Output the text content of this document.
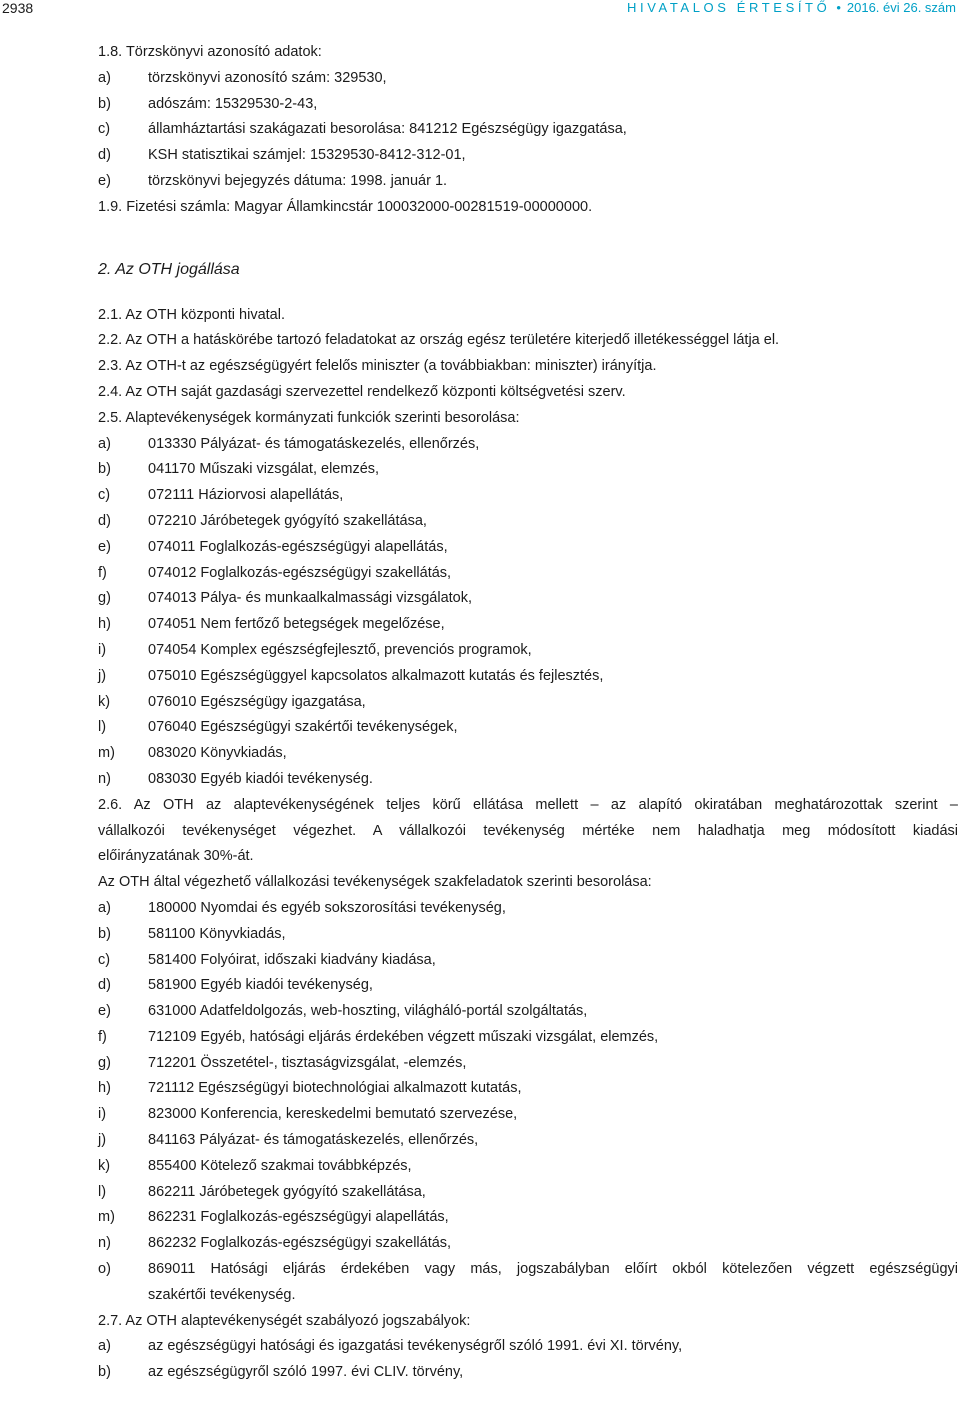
2938	HIVATALOS ÉRTESÍTŐ • 2016. évi 26. szám
1.8. Törzskönyvi azonosító adatok:
a)	törzskönyvi azonosító szám: 329530,
b)	adószám: 15329530-2-43,
c)	államháztartási szakágazati besorolása: 841212 Egészségügy igazgatása,
d)	KSH statisztikai számjel: 15329530-8412-312-01,
e)	törzskönyvi bejegyzés dátuma: 1998. január 1.
1.9. Fizetési számla: Magyar Államkincstár 100032000-00281519-00000000.
2. Az OTH jogállása
2.1. Az OTH központi hivatal.
2.2. Az OTH a hatáskörébe tartozó feladatokat az ország egész területére kiterjedő illetékességgel látja el.
2.3. Az OTH-t az egészségügyért felelős miniszter (a továbbiakban: miniszter) irányítja.
2.4. Az OTH saját gazdasági szervezettel rendelkező központi költségvetési szerv.
2.5. Alaptevékenységek kormányzati funkciók szerinti besorolása:
a)	013330 Pályázat- és támogatáskezelés, ellenőrzés,
b)	041170 Műszaki vizsgálat, elemzés,
c)	072111 Háziorvosi alapellátás,
d)	072210 Járóbetegek gyógyító szakellátása,
e)	074011 Foglalkozás-egészségügyi alapellátás,
f)	074012 Foglalkozás-egészségügyi szakellátás,
g)	074013 Pálya- és munkaalkalmassági vizsgálatok,
h)	074051 Nem fertőző betegségek megelőzése,
i)	074054 Komplex egészségfejlesztő, prevenciós programok,
j)	075010 Egészségüggyel kapcsolatos alkalmazott kutatás és fejlesztés,
k)	076010 Egészségügy igazgatása,
l)	076040 Egészségügyi szakértői tevékenységek,
m) 083020 Könyvkiadás,
n)	083030 Egyéb kiadói tevékenység.
2.6. Az OTH az alaptevékenységének teljes körű ellátása mellett – az alapító okiratában meghatározottak szerint –
vállalkozói tevékenységet végezhet. A vállalkozói tevékenység mértéke nem haladhatja meg módosított kiadási
előirányzatának 30%-át.
Az OTH által végezhető vállalkozási tevékenységek szakfeladatok szerinti besorolása:
a)	180000 Nyomdai és egyéb sokszorosítási tevékenység,
b)	581100 Könyvkiadás,
c)	581400 Folyóirat, időszaki kiadvány kiadása,
d)	581900 Egyéb kiadói tevékenység,
e)	631000 Adatfeldolgozás, web-hoszting, világháló-portál szolgáltatás,
f)	712109 Egyéb, hatósági eljárás érdekében végzett műszaki vizsgálat, elemzés,
g)	712201 Összetétel-, tisztaságvizsgálat, -elemzés,
h)	721112 Egészségügyi biotechnológiai alkalmazott kutatás,
i)	823000 Konferencia, kereskedelmi bemutató szervezése,
j)	841163 Pályázat- és támogatáskezelés, ellenőrzés,
k)	855400 Kötelező szakmai továbbképzés,
l)	862211 Járóbetegek gyógyító szakellátása,
m) 862231 Foglalkozás-egészségügyi alapellátás,
n)	862232 Foglalkozás-egészségügyi szakellátás,
o)	869011 Hatósági eljárás érdekében vagy más, jogszabályban előírt okból kötelezően végzett egészségügyi
szakértői tevékenység.
2.7. Az OTH alaptevékenységét szabályozó jogszabályok:
a)	az egészségügyi hatósági és igazgatási tevékenységről szóló 1991. évi XI. törvény,
b)	az egészségügyről szóló 1997. évi CLIV. törvény,
